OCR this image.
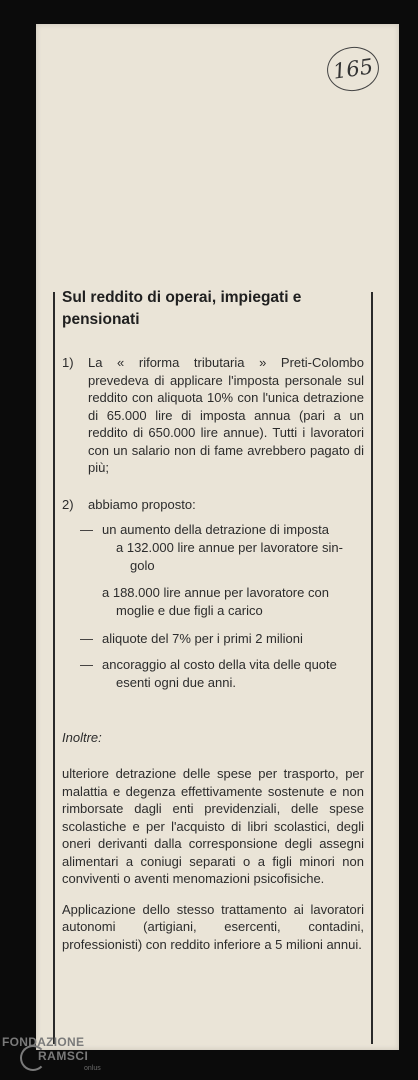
165
Sul reddito di operai, impiegati e pensionati
1) La « riforma tributaria » Preti-Colombo prevedeva di applicare l'imposta personale sul reddito con aliquota 10% con l'unica detrazione di 65.000 lire di imposta annua (pari a un reddito di 650.000 lire annue). Tutti i lavoratori con un salario non di fame avrebbero pagato di più;
2) abbiamo proposto:
— un aumento della detrazione di imposta
a 132.000 lire annue per lavoratore sin-
golo
a 188.000 lire annue per lavoratore con
moglie e due figli a carico
— aliquote del 7% per i primi 2 milioni
— ancoraggio al costo della vita delle quote
esenti ogni due anni.
Inoltre:

ulteriore detrazione delle spese per trasporto, per malattia e degenza effettivamente sostenute e non rimborsate dagli enti previdenziali, delle spese scolastiche e per l'acquisto di libri scolastici, degli oneri derivanti dalla corresponsione degli assegni alimentari a coniugi separati o a figli minori non conviventi o aventi menomazioni psicofisiche.

Applicazione dello stesso trattamento ai lavoratori autonomi (artigiani, esercenti, contadini, professionisti) con reddito inferiore a 5 milioni annui.

FONDAZIONE
RAMSCI
onlus
